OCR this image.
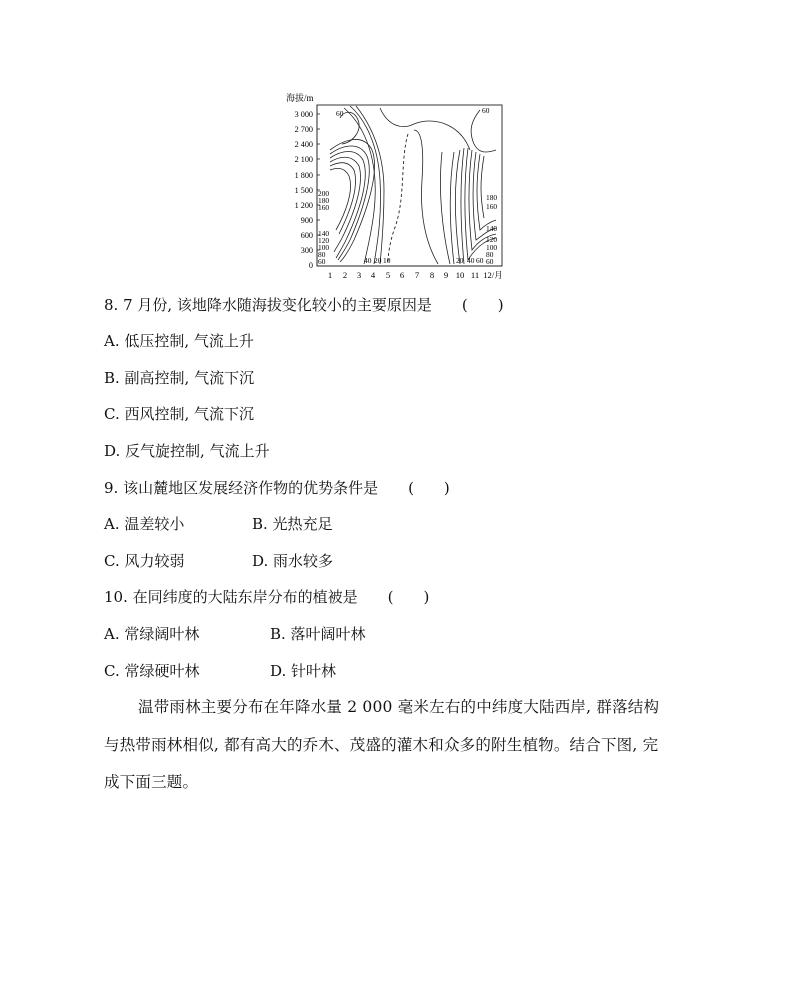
海拔/m
3 000
2 700
2 400
2 100
1 800
1 500
1 200
900
600
300
0
1 2 3 4 5 6 7 8 9 10 11 12/月
60	60
200
180
160
140
120
100
80
60	40 20 10
180
160
140
120
100
80
60
20 40 60
8. 7 月份, 该地降水随海拔变化较小的主要原因是　　(　　)
A. 低压控制, 气流上升
B. 副高控制, 气流下沉
C. 西风控制, 气流下沉
D. 反气旋控制, 气流上升
9. 该山麓地区发展经济作物的优势条件是　　(　　)
A. 温差较小	B. 光热充足
C. 风力较弱	D. 雨水较多
10. 在同纬度的大陆东岸分布的植被是　　(　　)
A. 常绿阔叶林	B. 落叶阔叶林
C. 常绿硬叶林	D. 针叶林
温带雨林主要分布在年降水量 2 000 毫米左右的中纬度大陆西岸, 群落结构
与热带雨林相似, 都有高大的乔木、茂盛的灌木和众多的附生植物。结合下图, 完
成下面三题。
